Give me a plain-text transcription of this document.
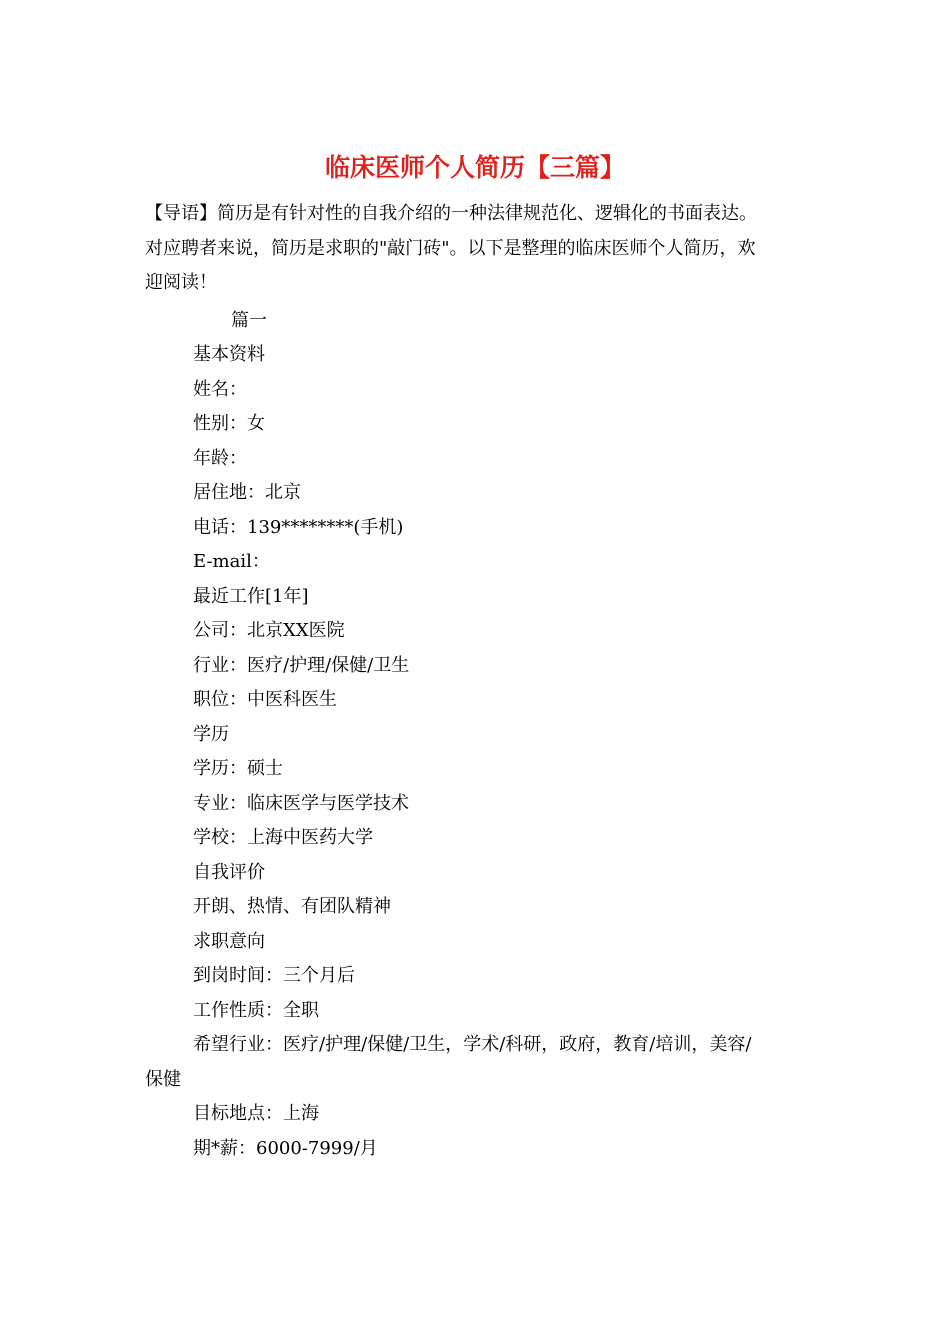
临床医师个人简历【三篇】

【导语】简历是有针对性的自我介绍的一种法律规范化、逻辑化的书面表达。

对应聘者来说，简历是求职的"敲门砖"。以下是整理的临床医师个人简历，欢

迎阅读！

篇一

基本资料

姓名：

性别：女

年龄：

居住地：北京

电话：139********(手机)

E-mail：

最近工作[1年]

公司：北京XX医院

行业：医疗/护理/保健/卫生

职位：中医科医生

学历

学历：硕士

专业：临床医学与医学技术

学校：上海中医药大学

自我评价

开朗、热情、有团队精神

求职意向

到岗时间：三个月后

工作性质：全职

希望行业：医疗/护理/保健/卫生，学术/科研，政府，教育/培训，美容/

保健

目标地点：上海

期*薪：6000-7999/月
